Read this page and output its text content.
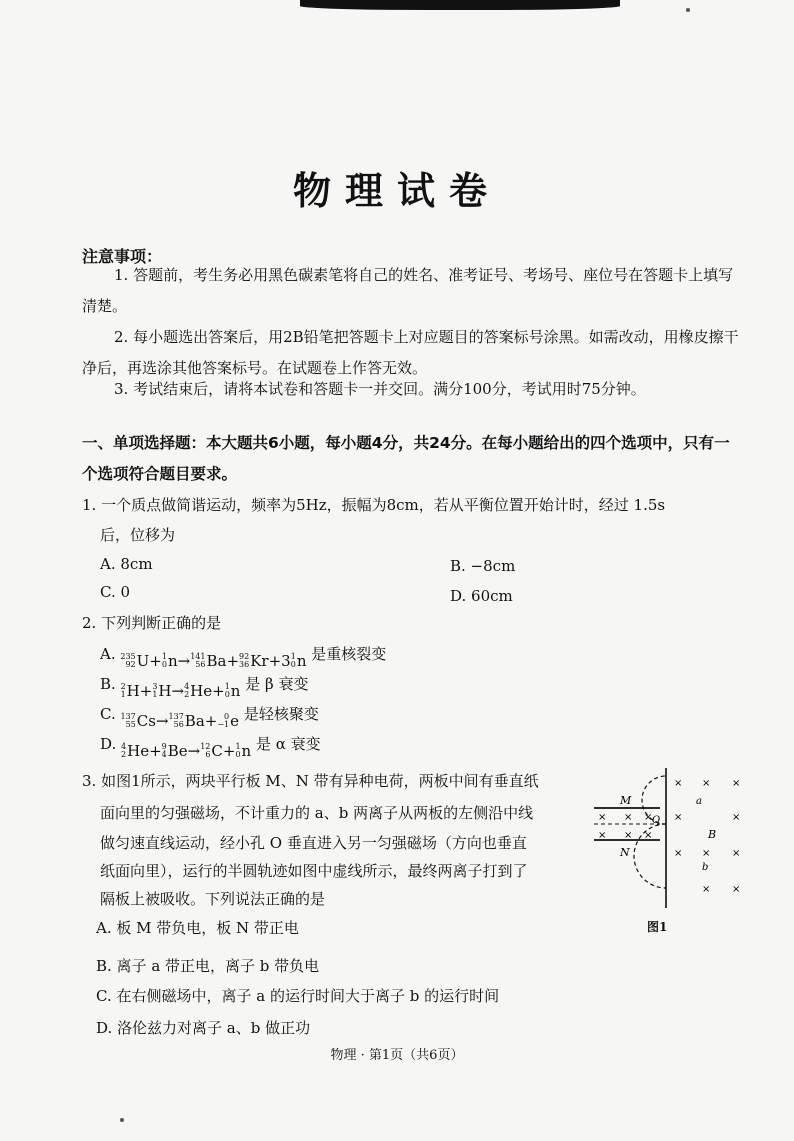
物理试卷
注意事项：
1. 答题前，考生务必用黑色碳素笔将自己的姓名、准考证号、考场号、座位号在答题卡上填写清楚。
2. 每小题选出答案后，用2B铅笔把答题卡上对应题目的答案标号涂黑。如需改动，用橡皮擦干净后，再选涂其他答案标号。在试题卷上作答无效。
3. 考试结束后，请将本试卷和答题卡一并交回。满分100分，考试用时75分钟。
一、单项选择题：本大题共6小题，每小题4分，共24分。在每小题给出的四个选项中，只有一个选项符合题目要求。
1. 一个质点做简谐运动，频率为5Hz，振幅为8cm，若从平衡位置开始计时，经过 1.5s
后，位移为
A. 8cm	B. −8cm
C. 0	D. 60cm
2. 下列判断正确的是
A. 235
92 U+ 1
0 n→ 141
56 Ba+ 92
36 Kr+3 1
0 n 是重核裂变
B. 2
1 H+ 3
1 H→ 4
2 He+ 1
0 n 是 β 衰变
C. 137
55 Cs→ 137
56 Ba+ 0
−1 e 是轻核聚变
D. 4
2 He+ 9
4 Be→ 12
6 C+ 1
0 n 是 α 衰变
3. 如图1所示，两块平行板 M、N 带有异种电荷，两板中间有垂直纸
面向里的匀强磁场，不计重力的 a、b 两离子从两板的左侧沿中线
做匀速直线运动，经小孔 O 垂直进入另一匀强磁场（方向也垂直
纸面向里），运行的半圆轨迹如图中虚线所示，最终两离子打到了
隔板上被吸收。下列说法正确的是
A. 板 M 带负电，板 N 带正电
B. 离子 a 带正电，离子 b 带负电
C. 在右侧磁场中，离子 a 的运行时间大于离子 b 的运行时间
D. 洛伦兹力对离子 a、b 做正功
M
N
O
a
b
B
× × ×
× × ×
× × ×
×	×
× × ×
× ×
图1
物理 · 第1页（共6页）
